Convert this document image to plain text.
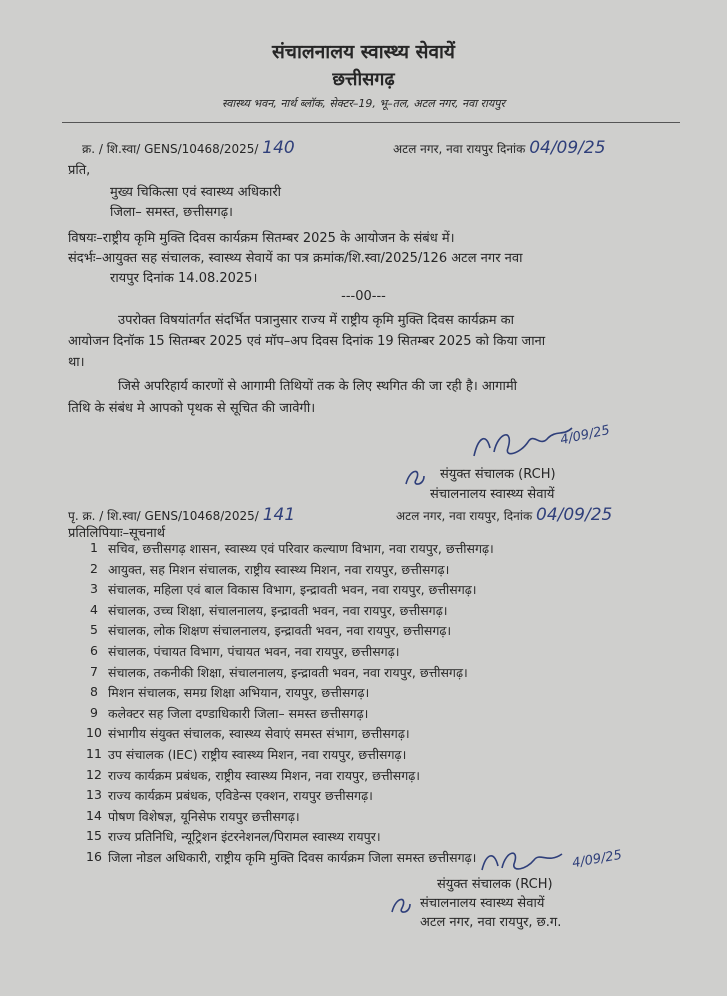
संचालनालय स्वास्थ्य सेवायें
छत्तीसगढ़
स्वास्थ्य भवन, नार्थ ब्लॉक, सेक्टर–19, भू–तल, अटल नगर, नवा रायपुर
क्र. / शि.स्वा/ GENS/10468/2025/ 140	अटल नगर, नवा रायपुर दिनांक 04/09/25
प्रति,
मुख्य चिकित्सा एवं स्वास्थ्य अधिकारी
जिला– समस्त, छत्तीसगढ़।
विषयः–राष्ट्रीय कृमि मुक्ति दिवस कार्यक्रम सितम्बर 2025 के आयोजन के संबंध में।
संदर्भः–आयुक्त सह संचालक, स्वास्थ्य सेवायें का पत्र क्रमांक/शि.स्वा/2025/126 अटल नगर नवा
रायपुर दिनांक 14.08.2025।
---00---
उपरोक्त विषयांतर्गत संदर्भित पत्रानुसार राज्य में राष्ट्रीय कृमि मुक्ति दिवस कार्यक्रम का
आयोजन दिनॉक 15 सितम्बर 2025 एवं मॉप–अप दिवस दिनांक 19 सितम्बर 2025 को किया जाना
था।
जिसे अपरिहार्य कारणों से आगामी तिथियों तक के लिए स्थगित की जा रही है। आगामी
तिथि के संबंध मे आपको पृथक से सूचित की जावेगी।
4/09/25
संयुक्त संचालक (RCH)
संचालनालय स्वास्थ्य सेवायें
पृ. क्र. / शि.स्वा/ GENS/10468/2025/ 141	अटल नगर, नवा रायपुर, दिनांक 04/09/25
प्रतिलिपियाः–सूचनार्थ
1 सचिव, छत्तीसगढ़ शासन, स्वास्थ्य एवं परिवार कल्याण विभाग, नवा रायपुर, छत्तीसगढ़।
2 आयुक्त, सह मिशन संचालक, राष्ट्रीय स्वास्थ्य मिशन, नवा रायपुर, छत्तीसगढ़।
3 संचालक, महिला एवं बाल विकास विभाग, इन्द्रावती भवन, नवा रायपुर, छत्तीसगढ़।
4 संचालक, उच्च शिक्षा, संचालनालय, इन्द्रावती भवन, नवा रायपुर, छत्तीसगढ़।
5 संचालक, लोक शिक्षण संचालनालय, इन्द्रावती भवन, नवा रायपुर, छत्तीसगढ़।
6 संचालक, पंचायत विभाग, पंचायत भवन, नवा रायपुर, छत्तीसगढ़।
7 संचालक, तकनीकी शिक्षा, संचालनालय, इन्द्रावती भवन, नवा रायपुर, छत्तीसगढ़।
8 मिशन संचालक, समग्र शिक्षा अभियान, रायपुर, छत्तीसगढ़।
9 कलेक्टर सह जिला दण्डाधिकारी जिला– समस्त छत्तीसगढ़।
10 संभागीय संयुक्त संचालक, स्वास्थ्य सेवाएं समस्त संभाग, छत्तीसगढ़।
11 उप संचालक (IEC) राष्ट्रीय स्वास्थ्य मिशन, नवा रायपुर, छत्तीसगढ़।
12 राज्य कार्यक्रम प्रबंधक, राष्ट्रीय स्वास्थ्य मिशन, नवा रायपुर, छत्तीसगढ़।
13 राज्य कार्यक्रम प्रबंधक, एविडेन्स एक्शन, रायपुर छत्तीसगढ़।
14 पोषण विशेषज्ञ, यूनिसेफ रायपुर छत्तीसगढ़।
15 राज्य प्रतिनिधि, न्यूट्रिशन इंटरनेशनल/पिरामल स्वास्थ्य रायपुर।
16 जिला नोडल अधिकारी, राष्ट्रीय कृमि मुक्ति दिवस कार्यक्रम जिला समस्त छत्तीसगढ़।	4/09/25
संयुक्त संचालक (RCH)
संचालनालय स्वास्थ्य सेवायें
अटल नगर, नवा रायपुर, छ.ग.
